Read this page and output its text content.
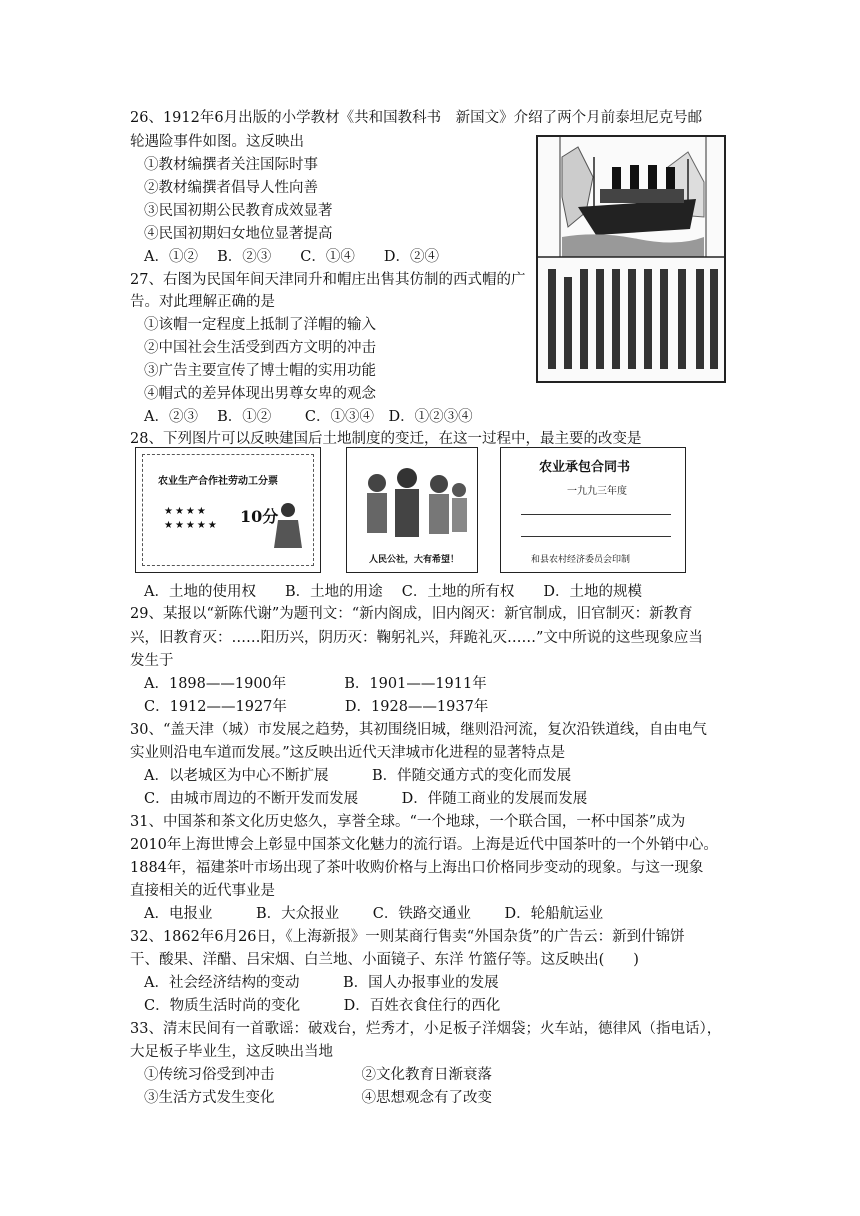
26、1912年6月出版的小学教材《共和国教科书　新国文》介绍了两个月前泰坦尼克号邮
轮遇险事件如图。这反映出
①教材编撰者关注国际时事
②教材编撰者倡导人性向善
③民国初期公民教育成效显著
④民国初期妇女地位显著提高
A．①②　 B．②③　　C．①④　　D．②④
27、右图为民国年间天津同升和帽庄出售其仿制的西式帽的广
告。对此理解正确的是
①该帽一定程度上抵制了洋帽的输入
②中国社会生活受到西方文明的冲击
③广告主要宣传了博士帽的实用功能
④帽式的差异体现出男尊女卑的观念
A．②③　 B．①②　　 C．①③④　D．①②③④
28、下列图片可以反映建国后土地制度的变迁，在这一过程中，最主要的改变是
农业生产合作社劳动工分票
★★★★
★★★★★ 10分
人民公社，大有希望！
农业承包合同书
一九九三年度
和县农村经济委员会印制
A．土地的使用权　　B．土地的用途　 C．土地的所有权　　D．土地的规模
29、某报以“新陈代谢”为题刊文：“新内阁成，旧内阁灭：新官制成，旧官制灭：新教育
兴，旧教育灭：……阳历兴，阴历灭：鞠躬礼兴，拜跪礼灭……”文中所说的这些现象应当
发生于
A．1898——1900年　　　　B．1901——1911年
C．1912——1927年　　　　D．1928——1937年
30、“盖天津（城）市发展之趋势，其初围绕旧城，继则沿河流，复次沿铁道线，自由电气
实业则沿电车道而发展。”这反映出近代天津城市化进程的显著特点是
A．以老城区为中心不断扩展　　　B．伴随交通方式的变化而发展
C．由城市周边的不断开发而发展　　　D．伴随工商业的发展而发展
31、中国茶和茶文化历史悠久，享誉全球。“一个地球，一个联合国，一杯中国茶”成为
2010年上海世博会上彰显中国茶文化魅力的流行语。上海是近代中国茶叶的一个外销中心。
1884年，福建茶叶市场出现了茶叶收购价格与上海出口价格同步变动的现象。与这一现象
直接相关的近代事业是
A．电报业　　　B．大众报业　　 C．铁路交通业　　 D．轮船航运业
32、1862年6月26日，《上海新报》一则某商行售卖“外国杂货”的广告云：新到什锦饼
干、酸果、洋醋、吕宋烟、白兰地、小面镜子、东洋 竹篮仔等。这反映出(　　)
A．社会经济结构的变动　　　B．国人办报事业的发展
C．物质生活时尚的变化　　　D．百姓衣食住行的西化
33、清末民间有一首歌谣：破戏台，烂秀才，小足板子洋烟袋；火车站，德律风（指电话），
大足板子毕业生，这反映出当地
①传统习俗受到冲击　　　　　　②文化教育日渐衰落
③生活方式发生变化　　　　　　④思想观念有了改变
